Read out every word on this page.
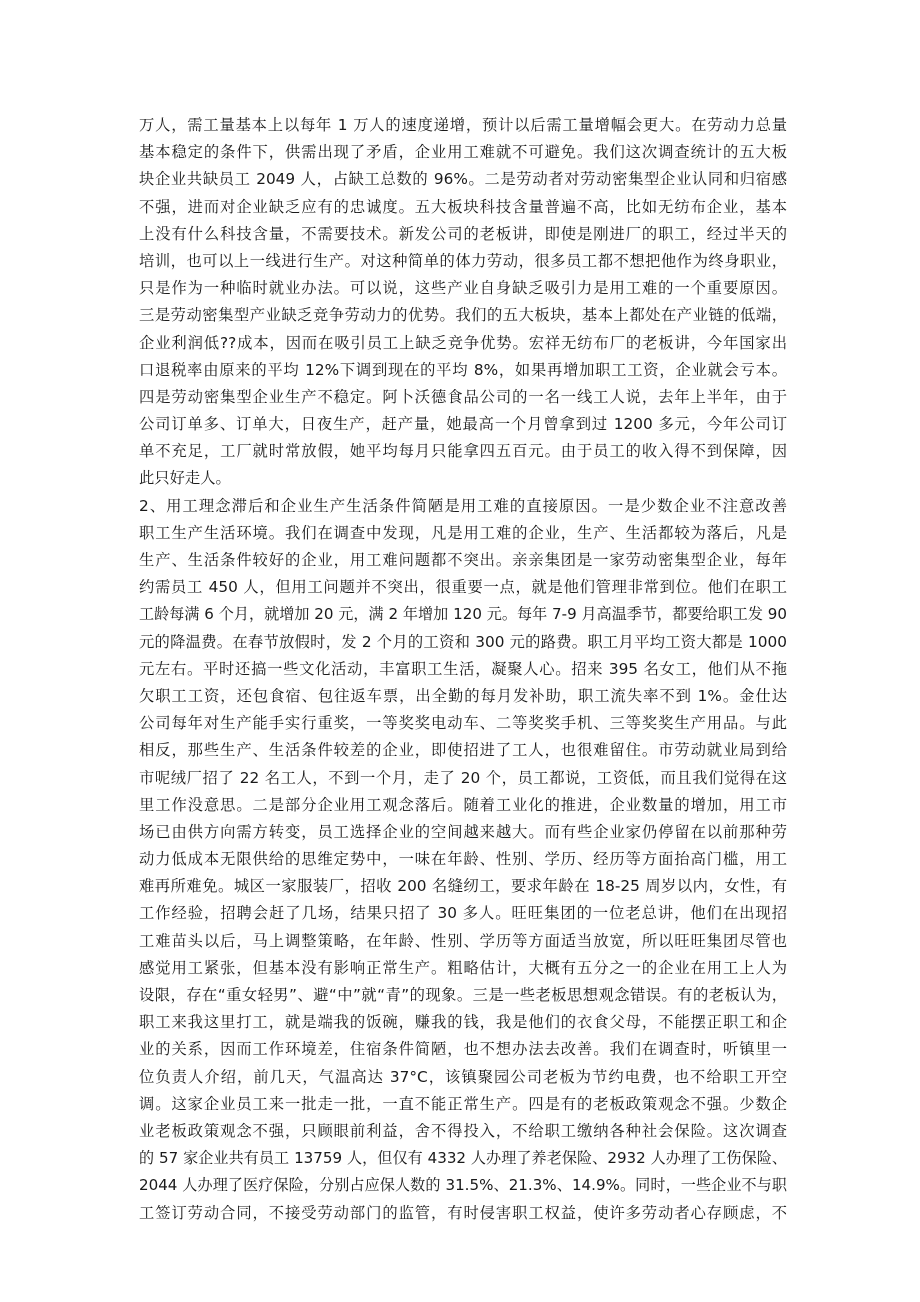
万人，需工量基本上以每年 1 万人的速度递增，预计以后需工量增幅会更大。在劳动力总量
基本稳定的条件下，供需出现了矛盾，企业用工难就不可避免。我们这次调查统计的五大板
块企业共缺员工 2049 人，占缺工总数的 96%。二是劳动者对劳动密集型企业认同和归宿感
不强，进而对企业缺乏应有的忠诚度。五大板块科技含量普遍不高，比如无纺布企业，基本
上没有什么科技含量，不需要技术。新发公司的老板讲，即使是刚进厂的职工，经过半天的
培训，也可以上一线进行生产。对这种简单的体力劳动，很多员工都不想把他作为终身职业，
只是作为一种临时就业办法。可以说，这些产业自身缺乏吸引力是用工难的一个重要原因。
三是劳动密集型产业缺乏竞争劳动力的优势。我们的五大板块，基本上都处在产业链的低端，
企业利润低??成本，因而在吸引员工上缺乏竞争优势。宏祥无纺布厂的老板讲，今年国家出
口退税率由原来的平均 12%下调到现在的平均 8%，如果再增加职工工资，企业就会亏本。
四是劳动密集型企业生产不稳定。阿卜沃德食品公司的一名一线工人说，去年上半年，由于
公司订单多、订单大，日夜生产，赶产量，她最高一个月曾拿到过 1200 多元，今年公司订
单不充足，工厂就时常放假，她平均每月只能拿四五百元。由于员工的收入得不到保障，因
此只好走人。
2、用工理念滞后和企业生产生活条件简陋是用工难的直接原因。一是少数企业不注意改善
职工生产生活环境。我们在调查中发现，凡是用工难的企业，生产、生活都较为落后，凡是
生产、生活条件较好的企业，用工难问题都不突出。亲亲集团是一家劳动密集型企业，每年
约需员工 450 人，但用工问题并不突出，很重要一点，就是他们管理非常到位。他们在职工
工龄每满 6 个月，就增加 20 元，满 2 年增加 120 元。每年 7-9 月高温季节，都要给职工发 90
元的降温费。在春节放假时，发 2 个月的工资和 300 元的路费。职工月平均工资大都是 1000
元左右。平时还搞一些文化活动，丰富职工生活，凝聚人心。招来 395 名女工，他们从不拖
欠职工工资，还包食宿、包往返车票，出全勤的每月发补助，职工流失率不到 1%。金仕达
公司每年对生产能手实行重奖，一等奖奖电动车、二等奖奖手机、三等奖奖生产用品。与此
相反，那些生产、生活条件较差的企业，即使招进了工人，也很难留住。市劳动就业局到给
市呢绒厂招了 22 名工人，不到一个月，走了 20 个，员工都说，工资低，而且我们觉得在这
里工作没意思。二是部分企业用工观念落后。随着工业化的推进，企业数量的增加，用工市
场已由供方向需方转变，员工选择企业的空间越来越大。而有些企业家仍停留在以前那种劳
动力低成本无限供给的思维定势中，一味在年龄、性别、学历、经历等方面抬高门槛，用工
难再所难免。城区一家服装厂，招收 200 名缝纫工，要求年龄在 18-25 周岁以内，女性，有
工作经验，招聘会赶了几场，结果只招了 30 多人。旺旺集团的一位老总讲，他们在出现招
工难苗头以后，马上调整策略，在年龄、性别、学历等方面适当放宽，所以旺旺集团尽管也
感觉用工紧张，但基本没有影响正常生产。粗略估计，大概有五分之一的企业在用工上人为
设限，存在“重女轻男”、避“中”就“青”的现象。三是一些老板思想观念错误。有的老板认为，
职工来我这里打工，就是端我的饭碗，赚我的钱，我是他们的衣食父母，不能摆正职工和企
业的关系，因而工作环境差，住宿条件简陋，也不想办法去改善。我们在调查时，听镇里一
位负责人介绍，前几天，气温高达 37°C，该镇聚园公司老板为节约电费，也不给职工开空
调。这家企业员工来一批走一批，一直不能正常生产。四是有的老板政策观念不强。少数企
业老板政策观念不强，只顾眼前利益，舍不得投入，不给职工缴纳各种社会保险。这次调查
的 57 家企业共有员工 13759 人，但仅有 4332 人办理了养老保险、2932 人办理了工伤保险、
2044 人办理了医疗保险，分别占应保人数的 31.5%、21.3%、14.9%。同时，一些企业不与职
工签订劳动合同，不接受劳动部门的监管，有时侵害职工权益，使许多劳动者心存顾虑，不
